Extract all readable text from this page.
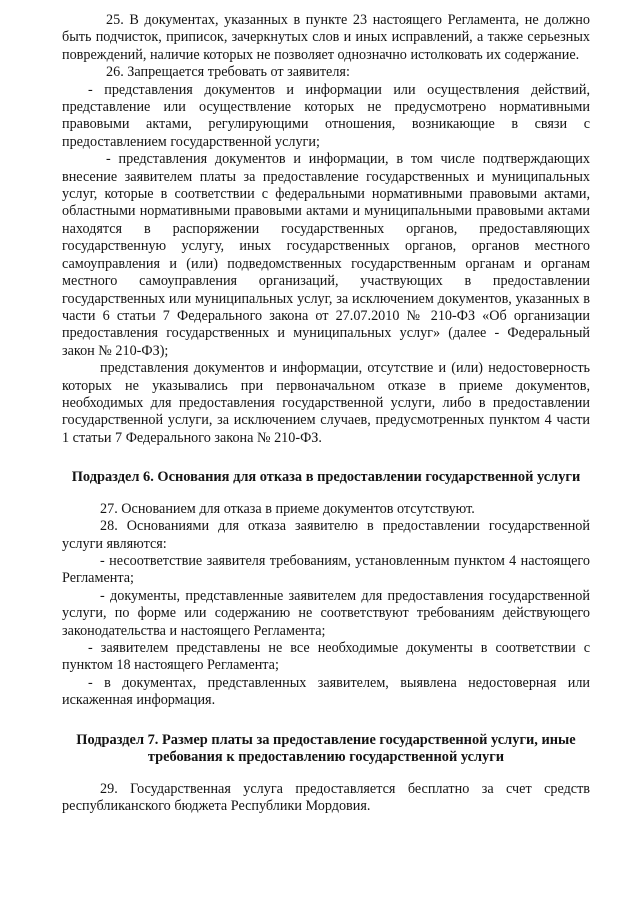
25. В документах, указанных в пункте 23 настоящего Регламента, не должно быть подчисток, приписок, зачеркнутых слов и иных исправлений, а также серьезных повреждений, наличие которых не позволяет однозначно истолковать их содержание.

26. Запрещается требовать от заявителя:

- представления документов и информации или осуществления действий, представление или осуществление которых не предусмотрено нормативными правовыми актами, регулирующими отношения, возникающие в связи с предоставлением государственной услуги;

- представления документов и информации, в том числе подтверждающих внесение заявителем платы за предоставление государственных и муниципальных услуг, которые в соответствии с федеральными нормативными правовыми актами, областными нормативными правовыми актами и муниципальными правовыми актами находятся в распоряжении государственных органов, предоставляющих государственную услугу, иных государственных органов, органов местного самоуправления и (или) подведомственных государственным органам и органам местного самоуправления организаций, участвующих в предоставлении государственных или муниципальных услуг, за исключением документов, указанных в части 6 статьи 7 Федерального закона от 27.07.2010 № 210-ФЗ «Об организации предоставления государственных и муниципальных услуг» (далее - Федеральный закон № 210-ФЗ);

представления документов и информации, отсутствие и (или) недостоверность которых не указывались при первоначальном отказе в приеме документов, необходимых для предоставления государственной услуги, либо в предоставлении государственной услуги, за исключением случаев, предусмотренных пунктом 4 части 1 статьи 7 Федерального закона № 210-ФЗ.

Подраздел 6. Основания для отказа в предоставлении государственной услуги

27. Основанием для отказа в приеме документов отсутствуют.

28. Основаниями для отказа заявителю в предоставлении государственной услуги являются:

- несоответствие заявителя требованиям, установленным пунктом 4 настоящего Регламента;

- документы, представленные заявителем для предоставления государственной услуги, по форме или содержанию не соответствуют требованиям действующего законодательства и настоящего Регламента;

- заявителем представлены не все необходимые документы в соответствии с пунктом 18 настоящего Регламента;

- в документах, представленных заявителем, выявлена недостоверная или искаженная информация.

Подраздел 7. Размер платы за предоставление государственной услуги, иные

требования к предоставлению государственной услуги

29. Государственная услуга предоставляется бесплатно за счет средств республиканского бюджета Республики Мордовия.
